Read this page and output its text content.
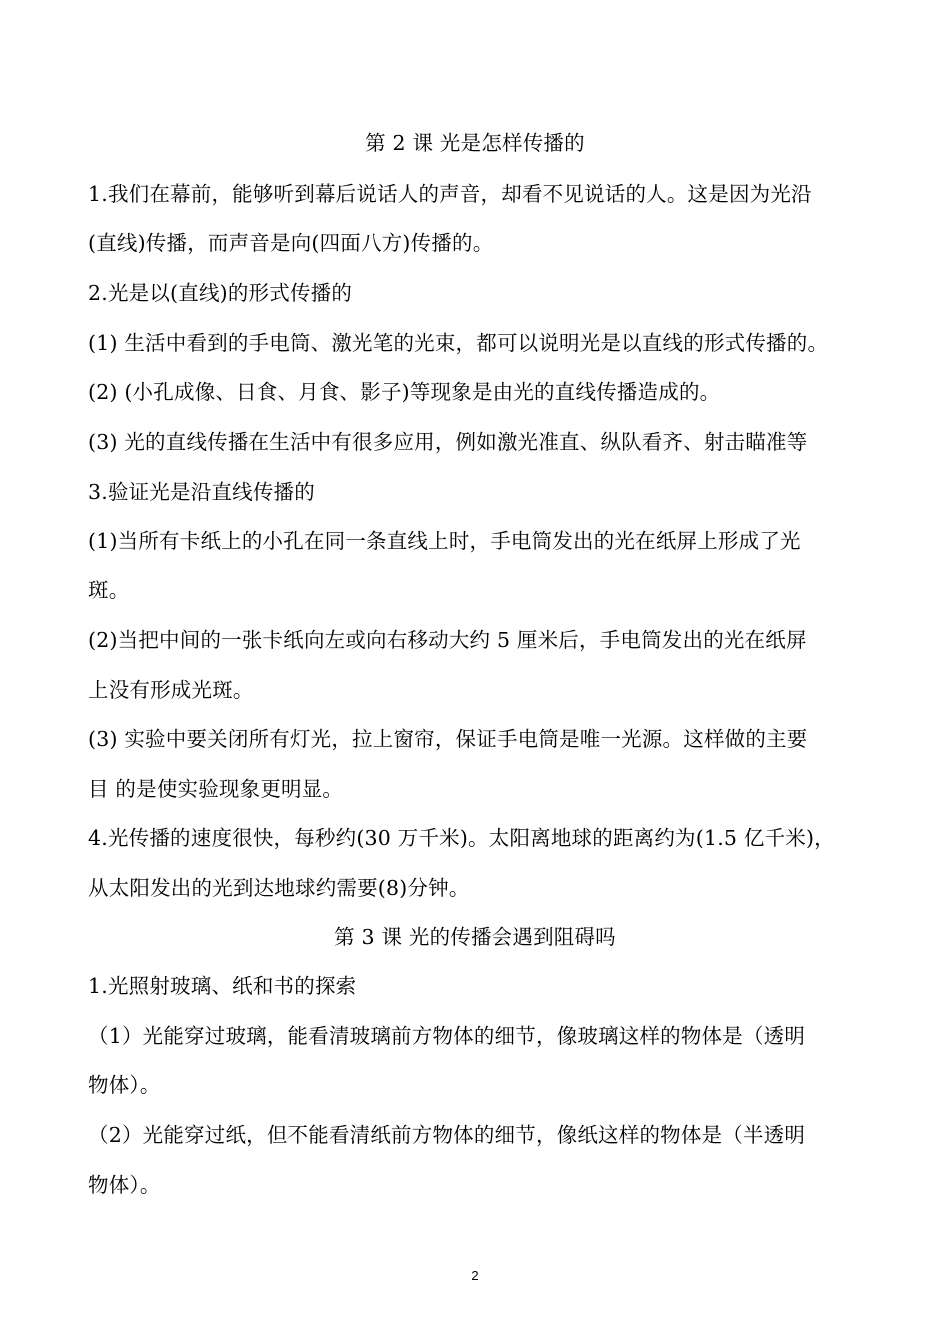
第 2 课 光是怎样传播的
1.我们在幕前，能够听到幕后说话人的声音，却看不见说话的人。这是因为光沿
(直线)传播，而声音是向(四面八方)传播的。
2.光是以(直线)的形式传播的
(1) 生活中看到的手电筒、激光笔的光束，都可以说明光是以直线的形式传播的。
(2) (小孔成像、日食、月食、影子)等现象是由光的直线传播造成的。
(3) 光的直线传播在生活中有很多应用，例如激光准直、纵队看齐、射击瞄准等
3.验证光是沿直线传播的
(1)当所有卡纸上的小孔在同一条直线上时，手电筒发出的光在纸屏上形成了光
斑。
(2)当把中间的一张卡纸向左或向右移动大约 5 厘米后，手电筒发出的光在纸屏
上没有形成光斑。
(3) 实验中要关闭所有灯光，拉上窗帘，保证手电筒是唯一光源。这样做的主要
目 的是使实验现象更明显。
4.光传播的速度很快，每秒约(30 万千米)。太阳离地球的距离约为(1.5 亿千米)，
从太阳发出的光到达地球约需要(8)分钟。
第 3 课 光的传播会遇到阻碍吗
1.光照射玻璃、纸和书的探索
（1）光能穿过玻璃，能看清玻璃前方物体的细节，像玻璃这样的物体是（透明
物体）。
（2）光能穿过纸，但不能看清纸前方物体的细节，像纸这样的物体是（半透明
物体）。
2
